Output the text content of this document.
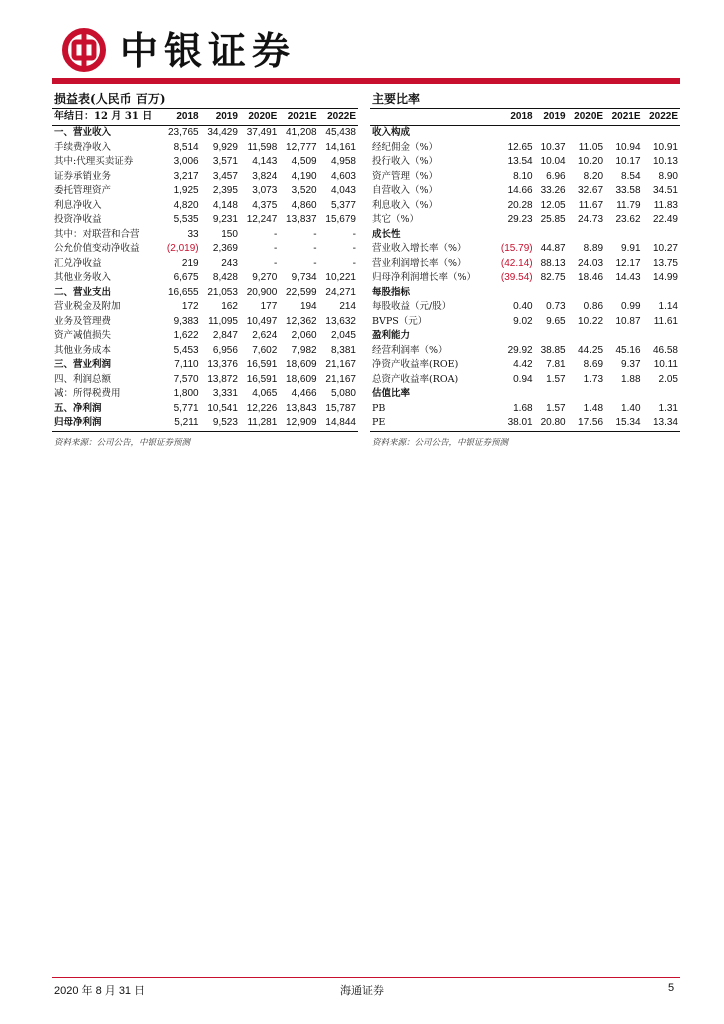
中银证券
损益表(人民币 百万)
年结日：12 月 31 日	2018	2019	2020E	2021E	2022E
一、营业收入	23,765	34,429	37,491	41,208	45,438
手续费净收入	8,514	9,929	11,598	12,777	14,161
其中:代理买卖证券	3,006	3,571	4,143	4,509	4,958
证券承销业务	3,217	3,457	3,824	4,190	4,603
委托管理资产	1,925	2,395	3,073	3,520	4,043
利息净收入	4,820	4,148	4,375	4,860	5,377
投资净收益	5,535	9,231	12,247	13,837	15,679
其中：对联营和合营	33	150	-	-	-
公允价值变动净收益	(2,019)	2,369	-	-	-
汇兑净收益	219	243	-	-	-
其他业务收入	6,675	8,428	9,270	9,734	10,221
二、营业支出	16,655	21,053	20,900	22,599	24,271
营业税金及附加	172	162	177	194	214
业务及管理费	9,383	11,095	10,497	12,362	13,632
资产减值损失	1,622	2,847	2,624	2,060	2,045
其他业务成本	5,453	6,956	7,602	7,982	8,381
三、营业利润	7,110	13,376	16,591	18,609	21,167
四、利润总额	7,570	13,872	16,591	18,609	21,167
减：所得税费用	1,800	3,331	4,065	4,466	5,080
五、净利润	5,771	10,541	12,226	13,843	15,787
归母净利润	5,211	9,523	11,281	12,909	14,844
资料来源：公司公告，中银证券预测
主要比率
	2018	2019	2020E	2021E	2022E
收入构成					
经纪佣金（%）	12.65	10.37	11.05	10.94	10.91
投行收入（%）	13.54	10.04	10.20	10.17	10.13
资产管理（%）	8.10	6.96	8.20	8.54	8.90
自营收入（%）	14.66	33.26	32.67	33.58	34.51
利息收入（%）	20.28	12.05	11.67	11.79	11.83
其它（%）	29.23	25.85	24.73	23.62	22.49
成长性					
营业收入增长率（%）	(15.79)	44.87	8.89	9.91	10.27
营业利润增长率（%）	(42.14)	88.13	24.03	12.17	13.75
归母净利润增长率（%）	(39.54)	82.75	18.46	14.43	14.99
每股指标					
每股收益（元/股）	0.40	0.73	0.86	0.99	1.14
BVPS（元）	9.02	9.65	10.22	10.87	11.61
盈利能力					
经营利润率（%）	29.92	38.85	44.25	45.16	46.58
净资产收益率(ROE)	4.42	7.81	8.69	9.37	10.11
总资产收益率(ROA)	0.94	1.57	1.73	1.88	2.05
估值比率					
PB	1.68	1.57	1.48	1.40	1.31
PE	38.01	20.80	17.56	15.34	13.34
资料来源：公司公告，中银证券预测
2020 年 8 月 31 日	海通证券	5
